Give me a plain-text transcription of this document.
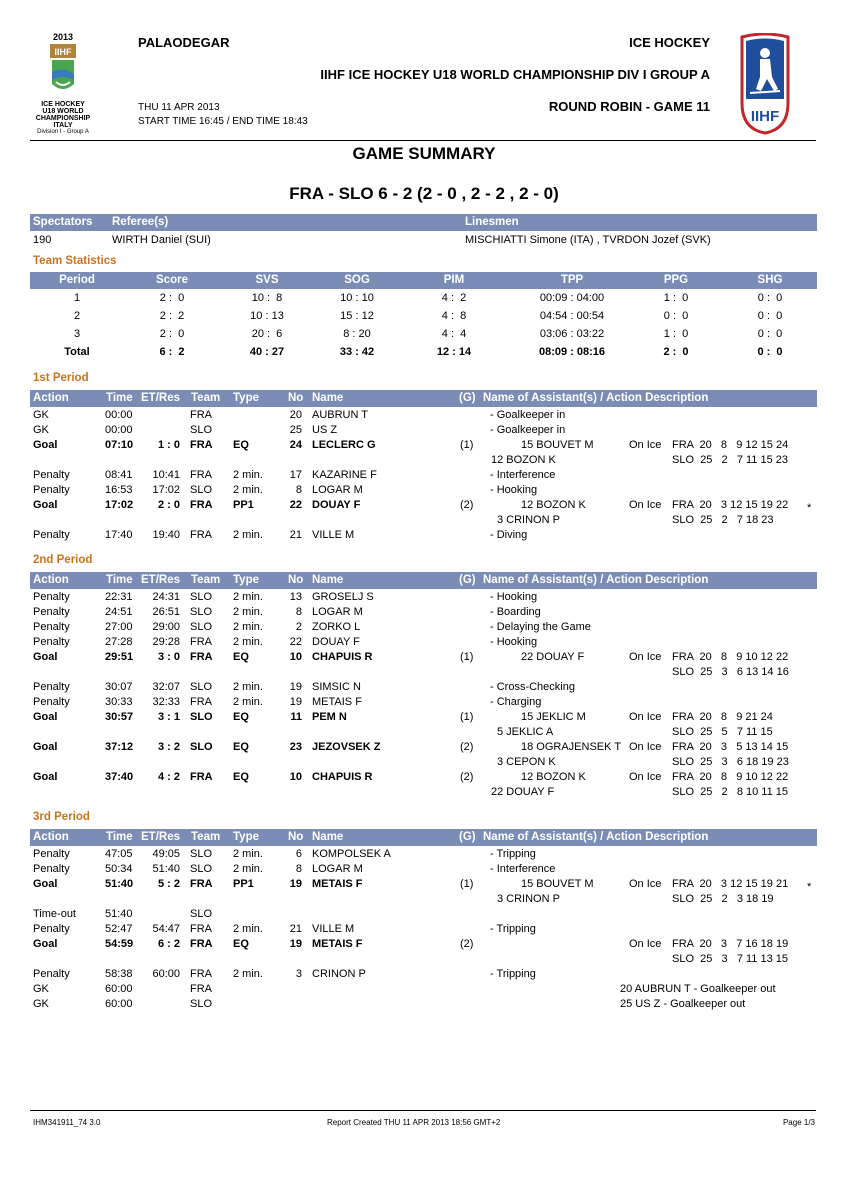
2013
IIHF
ICE HOCKEY
U18 WORLD
CHAMPIONSHIP
ITALY
Division I - Group A
IIHF
PALAODEGAR	ICE HOCKEY
IIHF ICE HOCKEY U18 WORLD CHAMPIONSHIP DIV I GROUP A
THU 11 APR 2013
START TIME 16:45 / END TIME 18:43
ROUND ROBIN - GAME 11
GAME SUMMARY
FRA - SLO 6 - 2 (2 - 0 , 2 - 2 , 2 - 0)
Spectators Referee(s)	Linesmen
190	WIRTH Daniel (SUI)	MISCHIATTI Simone (ITA) , TVRDON Jozef (SVK)
Team Statistics
Period	Score	SVS	SOG	PIM	TPP	PPG	SHG
1	2 :  0	10 :  8	10 : 10	4 :  2	00:09 : 04:00	1 :  0	0 :  0
2	2 :  2	10 : 13	15 : 12	4 :  8	04:54 : 00:54	0 :  0	0 :  0
3	2 :  0	20 :  6	8 : 20	4 :  4	03:06 : 03:22	1 :  0	0 :  0
Total	6 :  2	40 : 27	33 : 42	12 : 14	08:09 : 08:16	2 :  0	0 :  0
1st Period
Action	Time ET/Res Team Type	No Name	(G) Name of Assistant(s) / Action Description
GK	00:00	FRA	20 AUBRUN T	- Goalkeeper in
GK	00:00	SLO	25 US Z	- Goalkeeper in
Goal	07:10	1 : 0 FRA EQ	24 LECLERC G	(1)	15 BOUVET M	On Ice FRA  20   8   9 12 15 24
12 BOZON K	SLO  25   2   7 11 15 23
Penalty	08:41	10:41 FRA 2 min.	17 KAZARINE F	- Interference
Penalty	16:53	17:02 SLO 2 min.	8 LOGAR M	- Hooking
Goal	17:02	2 : 0 FRA PP1	22 DOUAY F	(2)	12 BOZON K	On Ice FRA  20   3 12 15 19 22 *
3 CRINON P	SLO  25   2   7 18 23
Penalty	17:40	19:40 FRA 2 min.	21 VILLE M	- Diving
2nd Period
Action	Time ET/Res Team Type	No Name	(G) Name of Assistant(s) / Action Description
Penalty	22:31	24:31 SLO 2 min.	13 GROSELJ S	- Hooking
Penalty	24:51	26:51 SLO 2 min.	8 LOGAR M	- Boarding
Penalty	27:00	29:00 SLO 2 min.	2 ZORKO L	- Delaying the Game
Penalty	27:28	29:28 FRA 2 min.	22 DOUAY F	- Hooking
Goal	29:51	3 : 0 FRA EQ	10 CHAPUIS R	(1)	22 DOUAY F	On Ice FRA  20   8   9 10 12 22
SLO  25   3   6 13 14 16
Penalty	30:07	32:07 SLO 2 min.	19 SIMSIC N	- Cross-Checking
Penalty	30:33	32:33 FRA 2 min.	19 METAIS F	- Charging
Goal	30:57	3 : 1 SLO EQ	11 PEM N	(1)	15 JEKLIC M	On Ice FRA  20   8   9 21 24
5 JEKLIC A	SLO  25   5   7 11 15
Goal	37:12	3 : 2 SLO EQ	23 JEZOVSEK Z	(2)	18 OGRAJENSEK T On Ice FRA  20   3   5 13 14 15
3 CEPON K	SLO  25   3   6 18 19 23
Goal	37:40	4 : 2 FRA EQ	10 CHAPUIS R	(2)	12 BOZON K	On Ice FRA  20   8   9 10 12 22
22 DOUAY F	SLO  25   2   8 10 11 15
3rd Period
Action	Time ET/Res Team Type	No Name	(G) Name of Assistant(s) / Action Description
Penalty	47:05	49:05 SLO 2 min.	6 KOMPOLSEK A	- Tripping
Penalty	50:34	51:40 SLO 2 min.	8 LOGAR M	- Interference
Goal	51:40	5 : 2 FRA PP1	19 METAIS F	(1)	15 BOUVET M	On Ice FRA  20   3 12 15 19 21 *
3 CRINON P	SLO  25   2   3 18 19
Time-out	51:40	SLO
Penalty	52:47	54:47 FRA 2 min.	21 VILLE M	- Tripping
Goal	54:59	6 : 2 FRA EQ	19 METAIS F	(2)	On Ice FRA  20   3   7 16 18 19
SLO  25   3   7 11 13 15
Penalty	58:38	60:00 FRA 2 min.	3 CRINON P	- Tripping
GK	60:00	FRA	20 AUBRUN T - Goalkeeper out
GK	60:00	SLO	25 US Z - Goalkeeper out
IHM341911_74 3.0	Report Created THU 11 APR 2013 18:56 GMT+2	Page 1/3
